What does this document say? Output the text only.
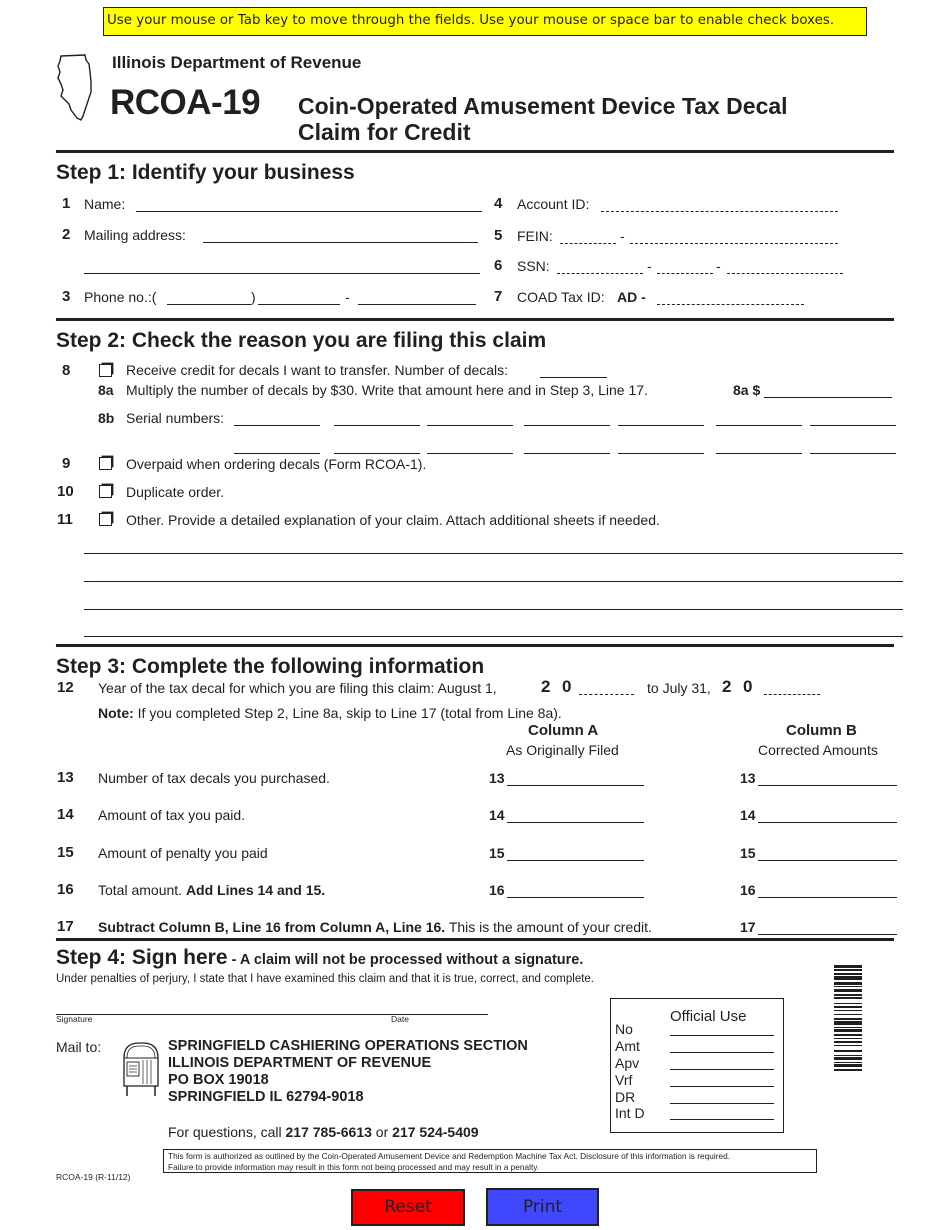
Use your mouse or Tab key to move through the fields. Use your mouse or space bar to enable check boxes.
Illinois Department of Revenue
RCOA-19 Coin-Operated Amusement Device Tax Decal
Claim for Credit
Step 1: Identify your business
1 Name:
2 Mailing address:
3 Phone no.:(	)	-
4 Account ID:
5 FEIN:	-
6 SSN:	-	-
7 COAD Tax ID: AD -
Step 2: Check the reason you are filing this claim
8	Receive credit for decals I want to transfer. Number of decals:
8a Multiply the number of decals by $30. Write that amount here and in Step 3, Line 17.	8a $
8b Serial numbers:
9	Overpaid when ordering decals (Form RCOA-1).
10	Duplicate order.
11	Other. Provide a detailed explanation of your claim. Attach additional sheets if needed.
Step 3: Complete the following information
12 Year of the tax decal for which you are filing this claim: August 1,	2 0	to July 31, 2 0
Note: If you completed Step 2, Line 8a, skip to Line 17 (total from Line 8a).
Column A
As Originally Filed
Column B
Corrected Amounts
13 Number of tax decals you purchased.	13	13
14 Amount of tax you paid.	14	14
15 Amount of penalty you paid	15	15
16 Total amount. Add Lines 14 and 15.	16	16
17 Subtract Column B, Line 16 from Column A, Line 16. This is the amount of your credit.	17
Step 4: Sign here - A claim will not be processed without a signature.
Under penalties of perjury, I state that I have examined this claim and that it is true, correct, and complete.
Signature	Date
Mail to:	SPRINGFIELD CASHIERING OPERATIONS SECTION
ILLINOIS DEPARTMENT OF REVENUE
PO BOX 19018
SPRINGFIELD IL 62794-9018
For questions, call 217 785-6613 or 217 524-5409
Official Use
No
Amt
Apv
Vrf
DR
Int D
This form is authorized as outlined by the Coin-Operated Amusement Device and Redemption Machine Tax Act. Disclosure of this information is required.
Failure to provide information may result in this form not being processed and may result in a penalty.
RCOA-19 (R-11/12)
Reset	Print
